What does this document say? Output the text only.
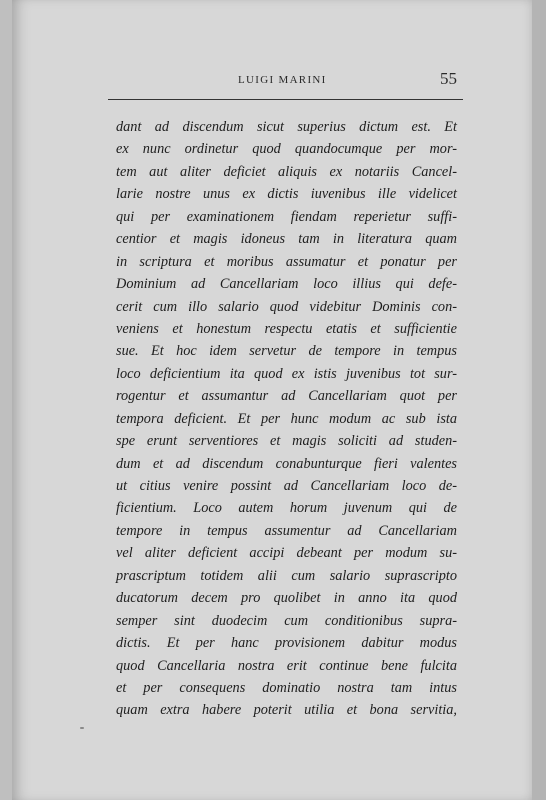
LUIGI MARINI	55
dant ad discendum sicut superius dictum est. Et
ex nunc ordinetur quod quandocumque per mor-
tem aut aliter deficiet aliquis ex notariis Cancel-
larie nostre unus ex dictis iuvenibus ille videlicet
qui per examinationem fiendam reperietur suffi-
centior et magis idoneus tam in literatura quam
in scriptura et moribus assumatur et ponatur per
Dominium ad Cancellariam loco illius qui defe-
cerit cum illo salario quod videbitur Dominis con-
veniens et honestum respectu etatis et sufficientie
sue. Et hoc idem servetur de tempore in tempus
loco deficientium ita quod ex istis juvenibus tot sur-
rogentur et assumantur ad Cancellariam quot per
tempora deficient. Et per hunc modum ac sub ista
spe erunt serventiores et magis soliciti ad studen-
dum et ad discendum conabunturque fieri valentes
ut citius venire possint ad Cancellariam loco de-
ficientium. Loco autem horum juvenum qui de
tempore in tempus assumentur ad Cancellariam
vel aliter deficient accipi debeant per modum su-
prascriptum totidem alii cum salario suprascripto
ducatorum decem pro quolibet in anno ita quod
semper sint duodecim cum conditionibus supra-
dictis. Et per hanc provisionem dabitur modus
quod Cancellaria nostra erit continue bene fulcita
et per consequens dominatio nostra tam intus
quam extra habere poterit utilia et bona servitia,
